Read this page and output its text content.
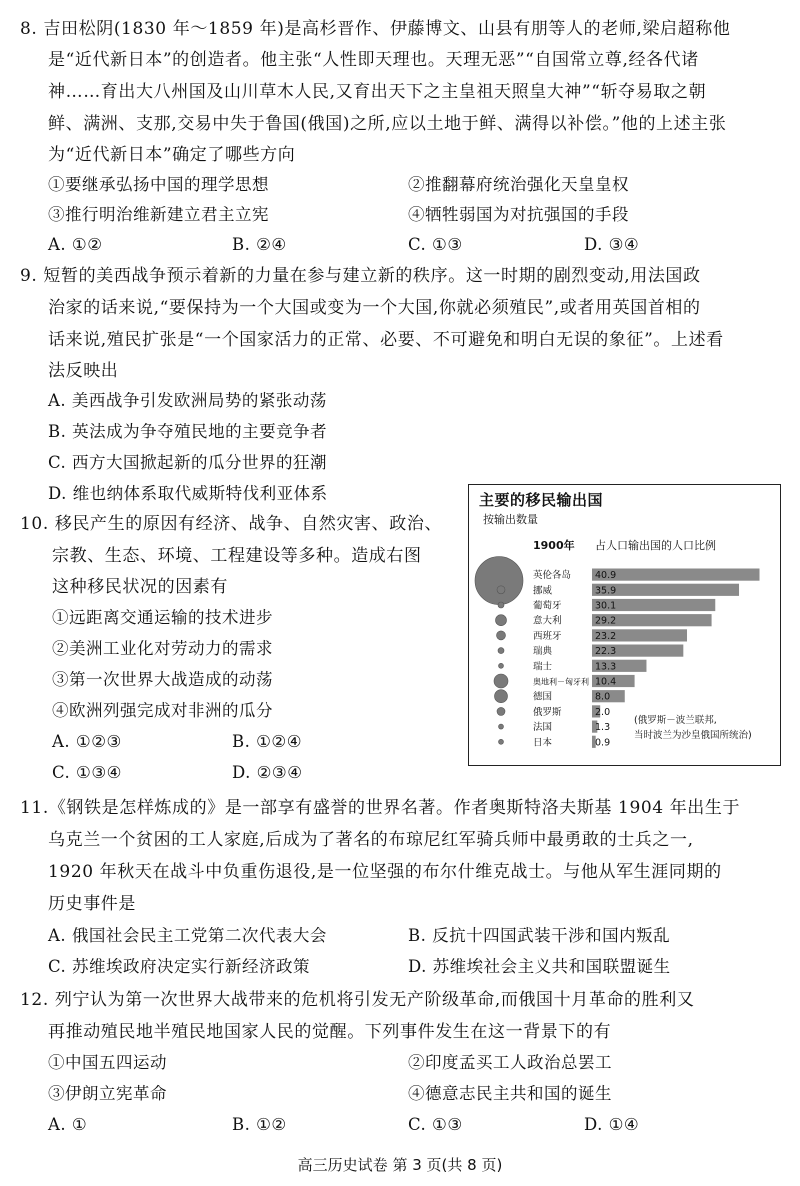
8. 吉田松阴(1830 年～1859 年)是高杉晋作、伊藤博文、山县有朋等人的老师,梁启超称他
是“近代新日本”的创造者。他主张“人性即天理也。天理无恶”“自国常立尊,经各代诸
神……育出大八州国及山川草木人民,又育出天下之主皇祖天照皇大神”“斩夺易取之朝
鲜、满洲、支那,交易中失于鲁国(俄国)之所,应以土地于鲜、满得以补偿。”他的上述主张
为“近代新日本”确定了哪些方向
①要继承弘扬中国的理学思想	②推翻幕府统治强化天皇皇权
③推行明治维新建立君主立宪	④牺牲弱国为对抗强国的手段
A. ①②	B. ②④	C. ①③	D. ③④
9. 短暂的美西战争预示着新的力量在参与建立新的秩序。这一时期的剧烈变动,用法国政
治家的话来说,“要保持为一个大国或变为一个大国,你就必须殖民”,或者用英国首相的
话来说,殖民扩张是“一个国家活力的正常、必要、不可避免和明白无误的象征”。上述看
法反映出
A. 美西战争引发欧洲局势的紧张动荡
B. 英法成为争夺殖民地的主要竞争者
C. 西方大国掀起新的瓜分世界的狂潮
D. 维也纳体系取代威斯特伐利亚体系
10. 移民产生的原因有经济、战争、自然灾害、政治、
宗教、生态、环境、工程建设等多种。造成右图
这种移民状况的因素有
①远距离交通运输的技术进步
②美洲工业化对劳动力的需求
③第一次世界大战造成的动荡
④欧洲列强完成对非洲的瓜分
A. ①②③	B. ①②④
C. ①③④	D. ②③④
主要的移民输出国
按输出数量
1900年 占人口输出国的人口比例
英伦各岛	40.9
挪威	35.9
葡萄牙	30.1
意大利	29.2
西班牙	23.2
瑞典	22.3
瑞士	13.3
奥地利－匈牙利 10.4
德国	8.0
俄罗斯	2.0
法国	1.3
日本	0.9
(俄罗斯－波兰联邦,
当时波兰为沙皇俄国所统治)
11.《钢铁是怎样炼成的》是一部享有盛誉的世界名著。作者奥斯特洛夫斯基 1904 年出生于
乌克兰一个贫困的工人家庭,后成为了著名的布琼尼红军骑兵师中最勇敢的士兵之一,
1920 年秋天在战斗中负重伤退役,是一位坚强的布尔什维克战士。与他从军生涯同期的
历史事件是
A. 俄国社会民主工党第二次代表大会	B. 反抗十四国武装干涉和国内叛乱
C. 苏维埃政府决定实行新经济政策	D. 苏维埃社会主义共和国联盟诞生
12. 列宁认为第一次世界大战带来的危机将引发无产阶级革命,而俄国十月革命的胜利又
再推动殖民地半殖民地国家人民的觉醒。下列事件发生在这一背景下的有
①中国五四运动	②印度孟买工人政治总罢工
③伊朗立宪革命	④德意志民主共和国的诞生
A. ①	B. ①②	C. ①③	D. ①④
高三历史试卷 第 3 页(共 8 页)
